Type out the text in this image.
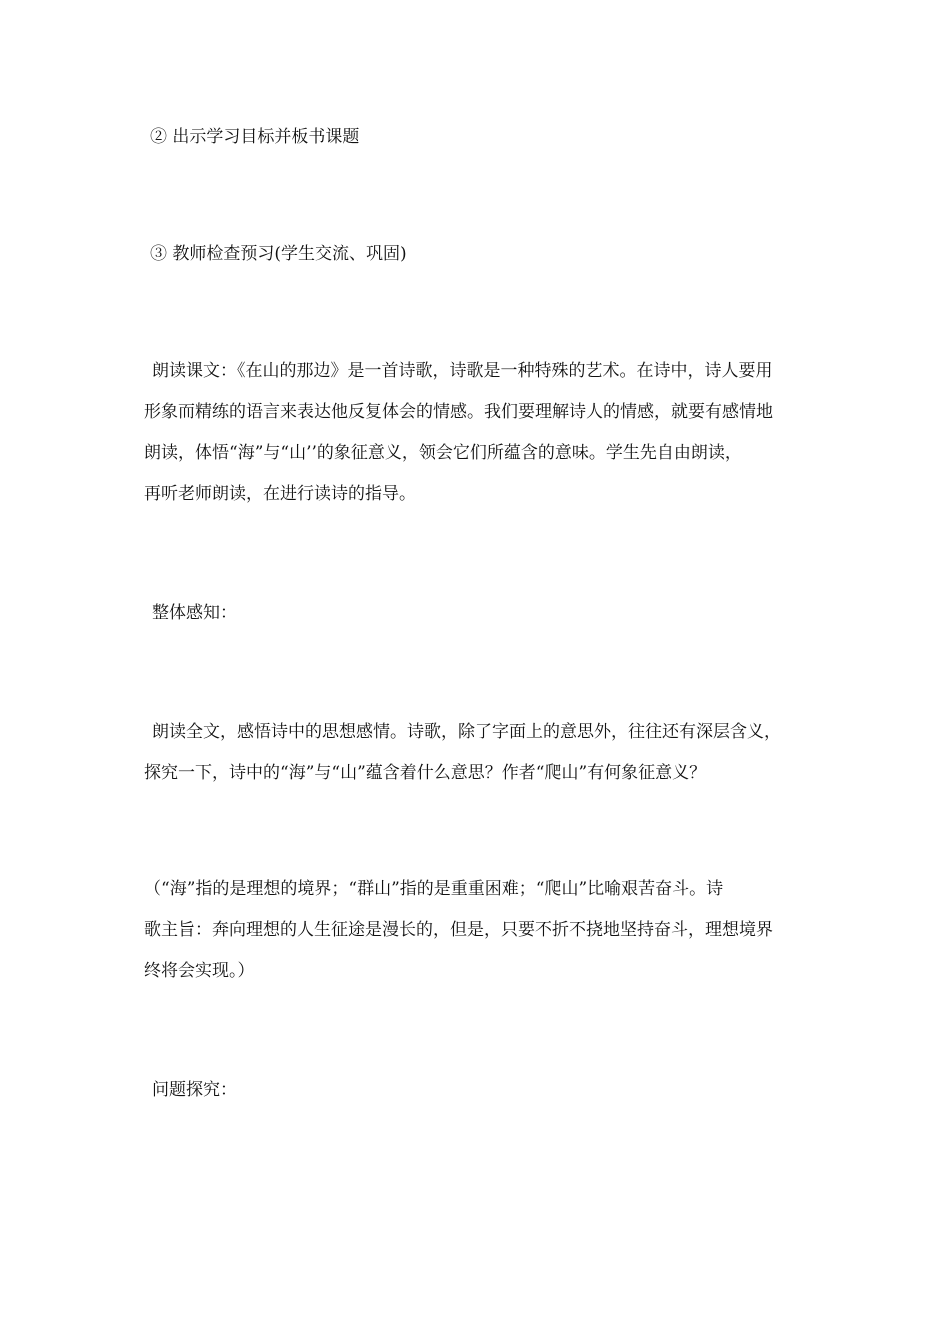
② 出示学习目标并板书课题

③ 教师检查预习(学生交流、巩固)

朗读课文：《在山的那边》是一首诗歌，诗歌是一种特殊的艺术。在诗中，诗人要用
形象而精练的语言来表达他反复体会的情感。我们要理解诗人的情感，就要有感情地
朗读，体悟“海”与“山’’的象征意义，领会它们所蕴含的意味。学生先自由朗读，
再听老师朗读，在进行读诗的指导。

整体感知：

朗读全文，感悟诗中的思想感情。诗歌，除了字面上的意思外，往往还有深层含义，
探究一下，诗中的“海”与“山”蕴含着什么意思？作者“爬山”有何象征意义？
（“海”指的是理想的境界；“群山”指的是重重困难；“爬山”比喻艰苦奋斗。诗
歌主旨：奔向理想的人生征途是漫长的，但是，只要不折不挠地坚持奋斗，理想境界
终将会实现。）

问题探究：
